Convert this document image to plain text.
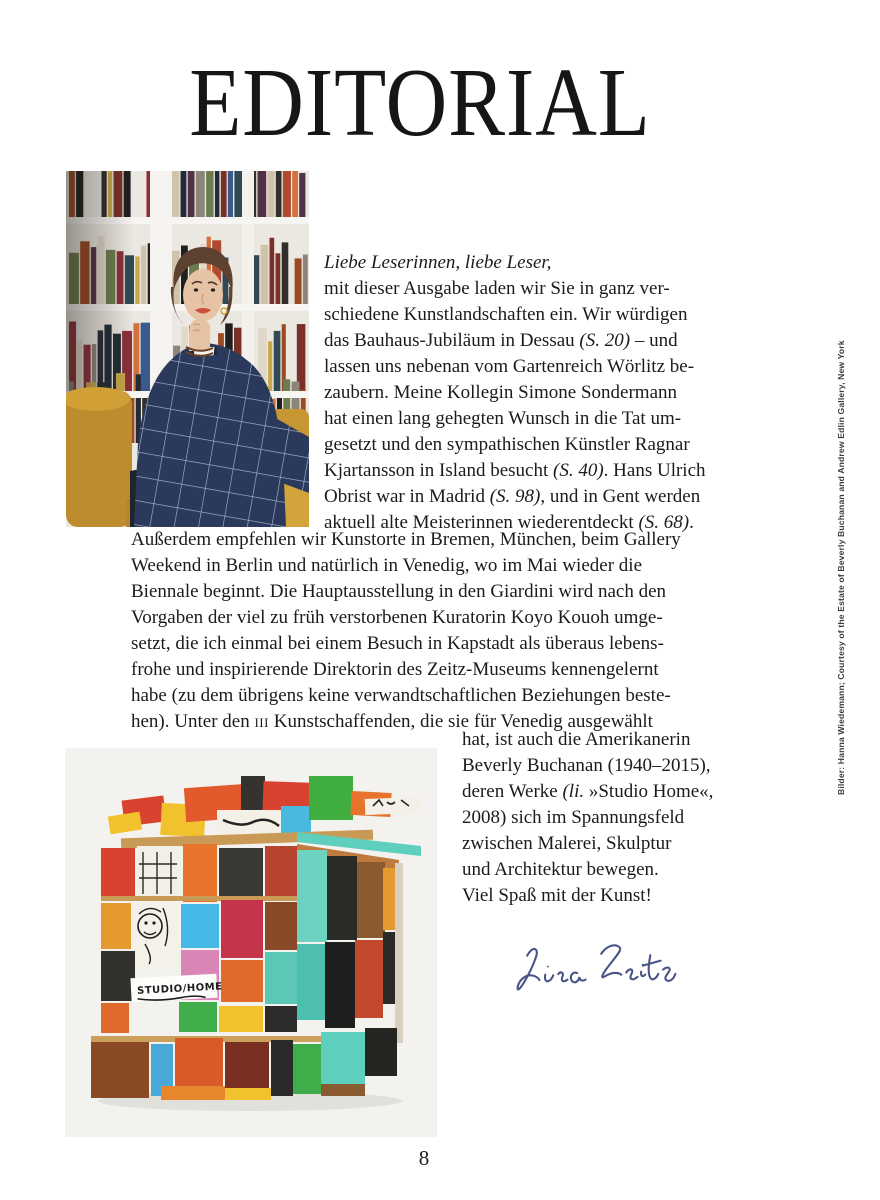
EDITORIAL
Liebe Leserinnen, liebe Leser,
mit dieser Ausgabe laden wir Sie in ganz ver-
schiedene Kunstlandschaften ein. Wir würdigen
das Bauhaus-Jubiläum in Dessau (S. 20) – und
lassen uns nebenan vom Gartenreich Wörlitz be-
zaubern. Meine Kollegin Simone Sondermann
hat einen lang gehegten Wunsch in die Tat um-
gesetzt und den sympathischen Künstler Ragnar
Kjartansson in Island besucht (S. 40). Hans Ulrich
Obrist war in Madrid (S. 98), und in Gent werden
aktuell alte Meisterinnen wiederentdeckt (S. 68).
Außerdem empfehlen wir Kunstorte in Bremen, München, beim Gallery
Weekend in Berlin und natürlich in Venedig, wo im Mai wieder die
Biennale beginnt. Die Hauptausstellung in den Giardini wird nach den
Vorgaben der viel zu früh verstorbenen Kuratorin Koyo Kouoh umge-
setzt, die ich einmal bei einem Besuch in Kapstadt als überaus lebens-
frohe und inspirierende Direktorin des Zeitz-Museums kennengelernt
habe (zu dem übrigens keine verwandtschaftlichen Beziehungen beste-
hen). Unter den iii Kunstschaffenden, die sie für Venedig ausgewählt
hat, ist auch die Amerikanerin
Beverly Buchanan (1940–2015),
deren Werke (li. »Studio Home«,
2008) sich im Spannungsfeld
zwischen Malerei, Skulptur
und Architektur bewegen.
Viel Spaß mit der Kunst!
STUDIO/HOME
Bilder: Hanna Wiedemann; Courtesy of the Estate of Beverly Buchanan and Andrew Edlin Gallery, New York
8
